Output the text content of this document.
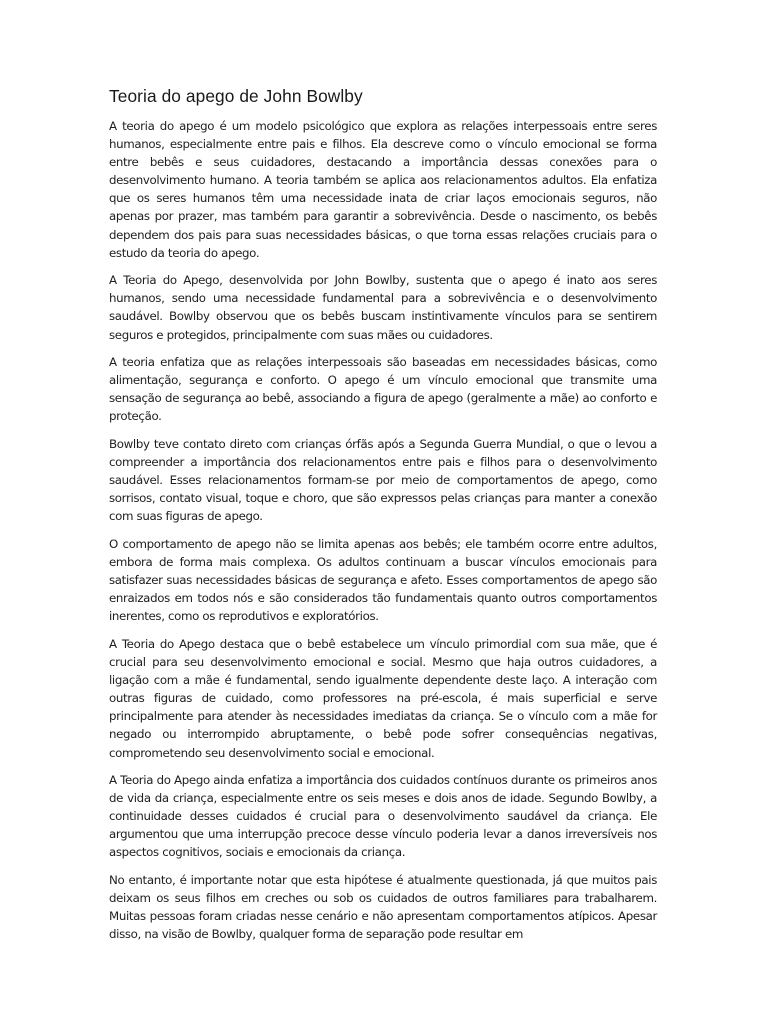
Teoria do apego de John Bowlby

A teoria do apego é um modelo psicológico que explora as relações interpessoais entre seres humanos, especialmente entre pais e filhos. Ela descreve como o vínculo emocional se forma entre bebês e seus cuidadores, destacando a importância dessas conexões para o desenvolvimento humano. A teoria também se aplica aos relacionamentos adultos. Ela enfatiza que os seres humanos têm uma necessidade inata de criar laços emocionais seguros, não apenas por prazer, mas também para garantir a sobrevivência. Desde o nascimento, os bebês dependem dos pais para suas necessidades básicas, o que torna essas relações cruciais para o estudo da teoria do apego.

A Teoria do Apego, desenvolvida por John Bowlby, sustenta que o apego é inato aos seres humanos, sendo uma necessidade fundamental para a sobrevivência e o desenvolvimento saudável. Bowlby observou que os bebês buscam instintivamente vínculos para se sentirem seguros e protegidos, principalmente com suas mães ou cuidadores.

A teoria enfatiza que as relações interpessoais são baseadas em necessidades básicas, como alimentação, segurança e conforto. O apego é um vínculo emocional que transmite uma sensação de segurança ao bebê, associando a figura de apego (geralmente a mãe) ao conforto e proteção.

Bowlby teve contato direto com crianças órfãs após a Segunda Guerra Mundial, o que o levou a compreender a importância dos relacionamentos entre pais e filhos para o desenvolvimento saudável. Esses relacionamentos formam-se por meio de comportamentos de apego, como sorrisos, contato visual, toque e choro, que são expressos pelas crianças para manter a conexão com suas figuras de apego.

O comportamento de apego não se limita apenas aos bebês; ele também ocorre entre adultos, embora de forma mais complexa. Os adultos continuam a buscar vínculos emocionais para satisfazer suas necessidades básicas de segurança e afeto. Esses comportamentos de apego são enraizados em todos nós e são considerados tão fundamentais quanto outros comportamentos inerentes, como os reprodutivos e exploratórios.

A Teoria do Apego destaca que o bebê estabelece um vínculo primordial com sua mãe, que é crucial para seu desenvolvimento emocional e social. Mesmo que haja outros cuidadores, a ligação com a mãe é fundamental, sendo igualmente dependente deste laço. A interação com outras figuras de cuidado, como professores na pré-escola, é mais superficial e serve principalmente para atender às necessidades imediatas da criança. Se o vínculo com a mãe for negado ou interrompido abruptamente, o bebê pode sofrer consequências negativas, comprometendo seu desenvolvimento social e emocional.

A Teoria do Apego ainda enfatiza a importância dos cuidados contínuos durante os primeiros anos de vida da criança, especialmente entre os seis meses e dois anos de idade. Segundo Bowlby, a continuidade desses cuidados é crucial para o desenvolvimento saudável da criança. Ele argumentou que uma interrupção precoce desse vínculo poderia levar a danos irreversíveis nos aspectos cognitivos, sociais e emocionais da criança.

No entanto, é importante notar que esta hipótese é atualmente questionada, já que muitos pais deixam os seus filhos em creches ou sob os cuidados de outros familiares para trabalharem. Muitas pessoas foram criadas nesse cenário e não apresentam comportamentos atípicos. Apesar disso, na visão de Bowlby, qualquer forma de separação pode resultar em
